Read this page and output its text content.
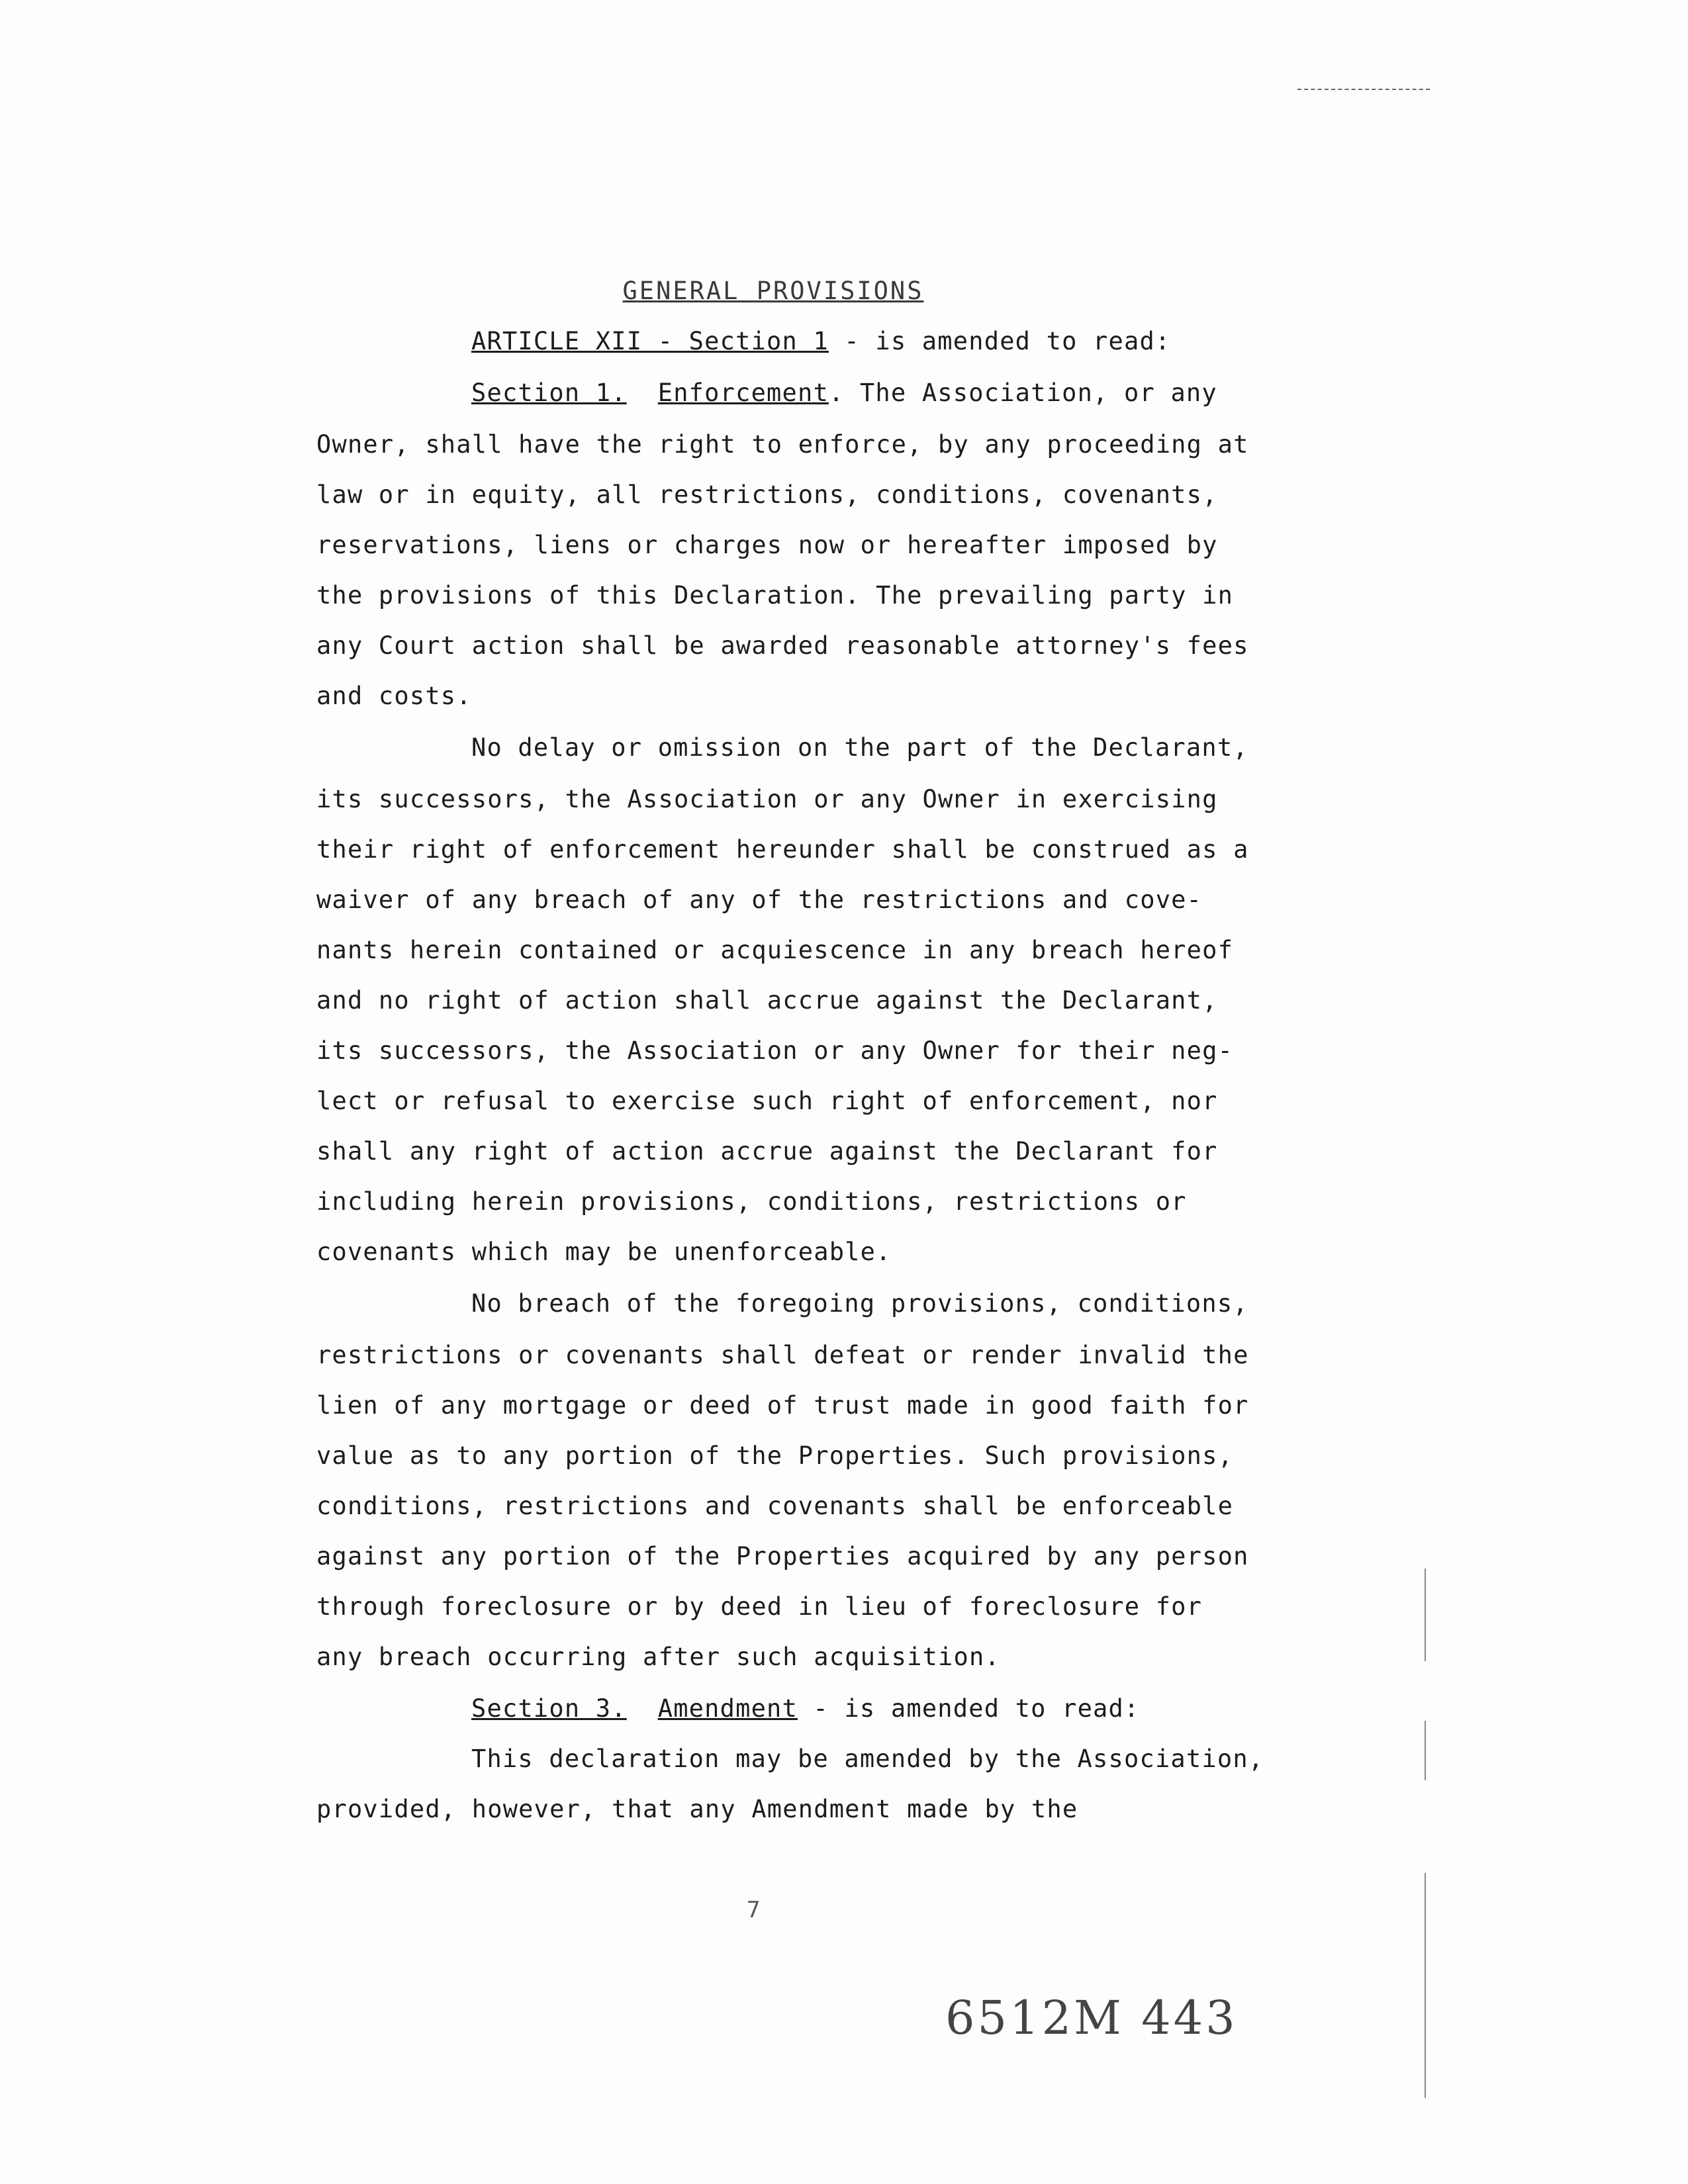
GENERAL PROVISIONS
ARTICLE XII - Section 1 - is amended to read:
Section 1. Enforcement. The Association, or any
Owner, shall have the right to enforce, by any proceeding at
law or in equity, all restrictions, conditions, covenants,
reservations, liens or charges now or hereafter imposed by
the provisions of this Declaration. The prevailing party in
any Court action shall be awarded reasonable attorney's fees
and costs.
No delay or omission on the part of the Declarant,
its successors, the Association or any Owner in exercising
their right of enforcement hereunder shall be construed as a
waiver of any breach of any of the restrictions and cove-
nants herein contained or acquiescence in any breach hereof
and no right of action shall accrue against the Declarant,
its successors, the Association or any Owner for their neg-
lect or refusal to exercise such right of enforcement, nor
shall any right of action accrue against the Declarant for
including herein provisions, conditions, restrictions or
covenants which may be unenforceable.
No breach of the foregoing provisions, conditions,
restrictions or covenants shall defeat or render invalid the
lien of any mortgage or deed of trust made in good faith for
value as to any portion of the Properties. Such provisions,
conditions, restrictions and covenants shall be enforceable
against any portion of the Properties acquired by any person
through foreclosure or by deed in lieu of foreclosure for
any breach occurring after such acquisition.
Section 3. Amendment - is amended to read:
This declaration may be amended by the Association,
provided, however, that any Amendment made by the
7
6512M 443
